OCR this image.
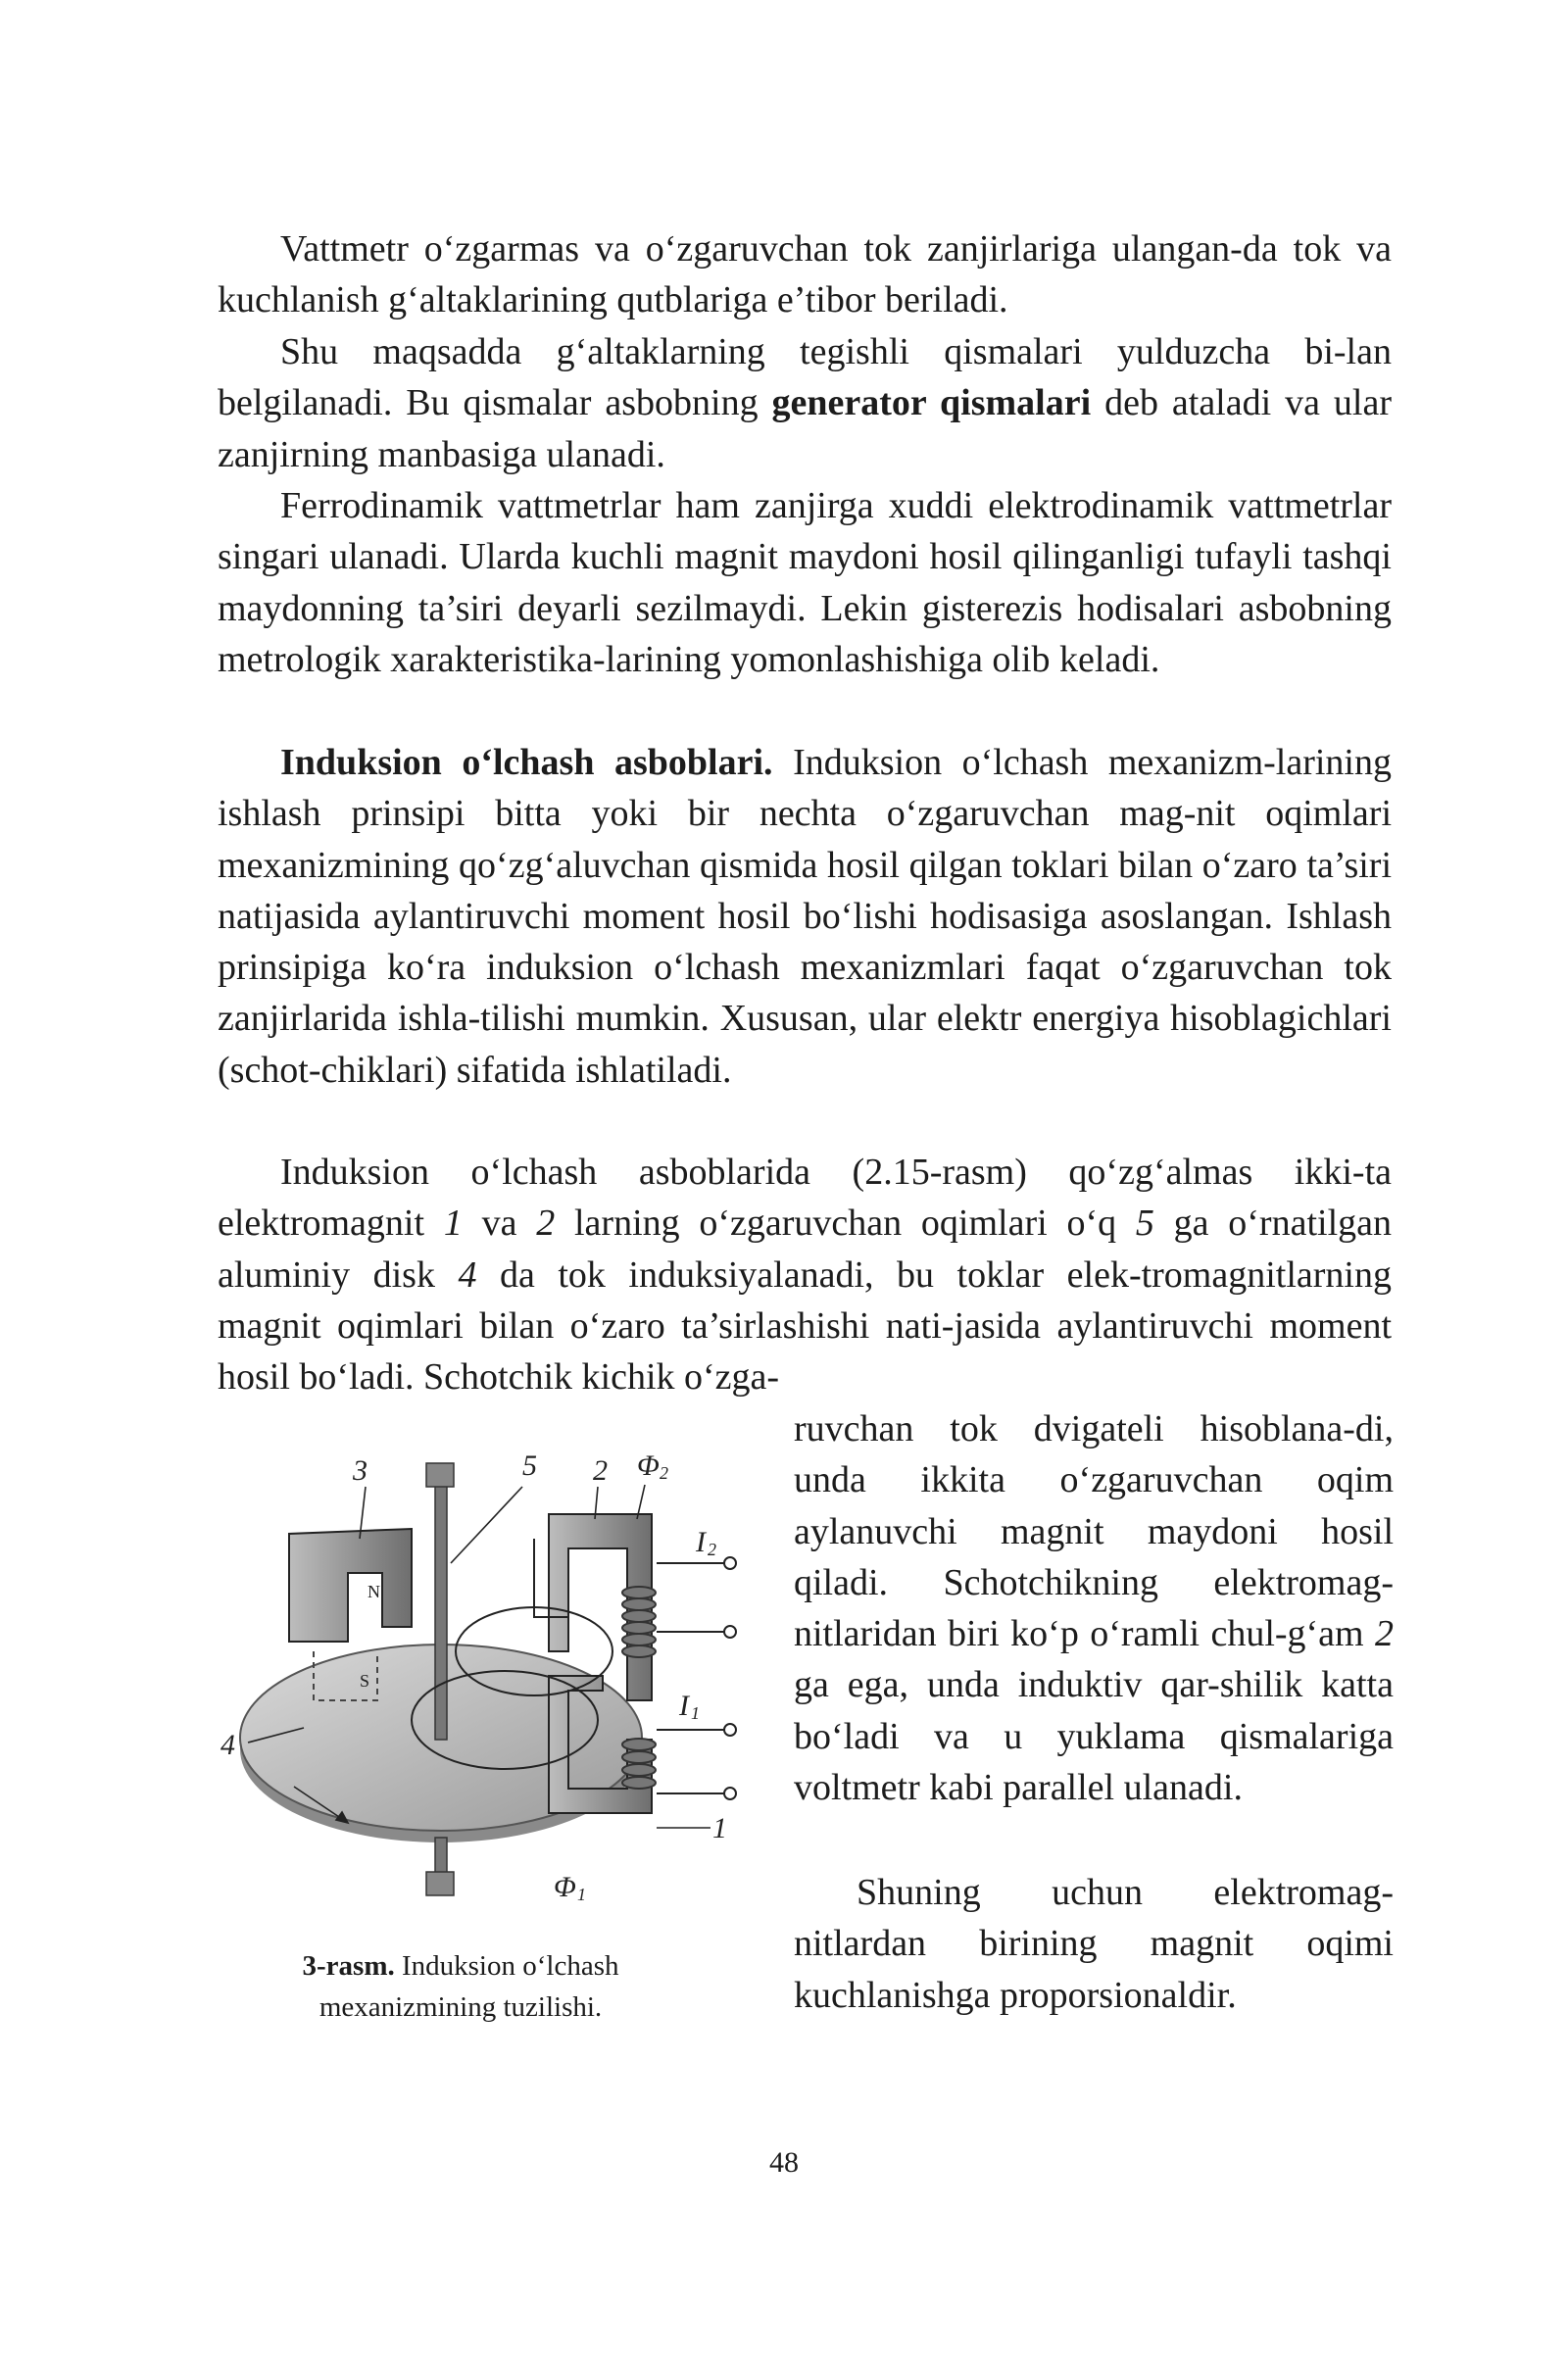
Vattmetr o‘zgarmas va o‘zgaruvchan tok zanjirlariga ulangan-da tok va kuchlanish g‘altaklarining qutblariga e’tibor beriladi.

Shu maqsadda g‘altaklarning tegishli qismalari yulduzcha bi-lan belgilanadi. Bu qismalar asbobning generator qismalari deb ataladi va ular zanjirning manbasiga ulanadi.

Ferrodinamik vattmetrlar ham zanjirga xuddi elektrodinamik vattmetrlar singari ulanadi. Ularda kuchli magnit maydoni hosil qilinganligi tufayli tashqi maydonning ta’siri deyarli sezilmaydi. Lekin gisterezis hodisalari asbobning metrologik xarakteristika-larining yomonlashishiga olib keladi.

Induksion o‘lchash asboblari. Induksion o‘lchash mexanizm-larining ishlash prinsipi bitta yoki bir nechta o‘zgaruvchan mag-nit oqimlari mexanizmining qo‘zg‘aluvchan qismida hosil qilgan toklari bilan o‘zaro ta’siri natijasida aylantiruvchi moment hosil bo‘lishi hodisasiga asoslangan. Ishlash prinsipiga ko‘ra induksion o‘lchash mexanizmlari faqat o‘zgaruvchan tok zanjirlarida ishla-tilishi mumkin. Xususan, ular elektr energiya hisoblagichlari (schot-chiklari) sifatida ishlatiladi.

Induksion o‘lchash asboblarida (2.15-rasm) qo‘zg‘almas ikki-ta elektromagnit 1 va 2 larning o‘zgaruvchan oqimlari o‘q 5 ga o‘rnatilgan aluminiy disk 4 da tok induksiyalanadi, bu toklar elek-tromagnitlarning magnit oqimlari bilan o‘zaro ta’sirlashishi nati-jasida aylantiruvchi moment hosil bo‘ladi. Schotchik kichik o‘zga-

ruvchan tok dvigateli hisoblana-di, unda ikkita o‘zgaruvchan oqim aylanuvchi magnit maydoni hosil qiladi. Schotchikning elektromag-nitlaridan biri ko‘p o‘ramli chul-g‘am 2 ga ega, unda induktiv qar-shilik katta bo‘ladi va u yuklama qismalariga voltmetr kabi parallel ulanadi.

Shuning uchun elektromag-nitlardan birining magnit oqimi kuchlanishga proporsionaldir.

N
S
3	5 2 Φ 2
I 2
I 1
4
1
Φ 1

3-rasm. Induksion o‘lchash mexanizmining tuzilishi.

48
